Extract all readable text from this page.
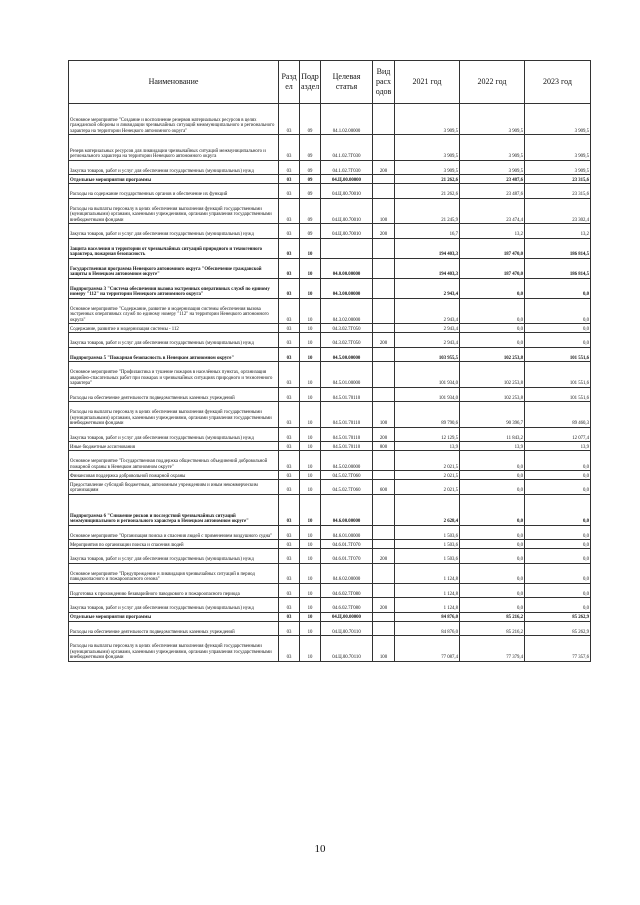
Наименование	Разд ел	Подр аздел	Целевая статья	Вид расх одов	2021 год	2022 год	2023 год
Основное мероприятие "Создание и восполнение резервов материальных ресурсов в целях гражданской обороны и ликвидации чрезвычайных ситуаций межмуниципального и регионального характера на территории Ненецкого автономного округа"	03	09	04.1.02.00000		3 909,5	3 909,5	3 909,5
Резерв материальных ресурсов для ликвидации чрезвычайных ситуаций межмуниципального и регионального характера на территории Ненецкого автономного округа	03	09	04.1.02.7Г030		3 909,5	3 909,5	3 909,5
Закупка товаров, работ и услуг для обеспечения государственных (муниципальных) нужд	03	09	04.1.02.7Г030	200	3 909,5	3 909,5	3 909,5
Отдельные мероприятия программы	03	09	04.Ц.00.00000		21 262,6	23 487,6	23 315,6
Расходы на содержание государственных органов и обеспечение их функций	03	09	04.Ц.00.70010		21 262,6	23 487,6	23 315,6
Расходы на выплаты персоналу в целях обеспечения выполнения функций государственными (муниципальными) органами, казенными учреждениями, органами управления государственными внебюджетными фондами	03	09	04.Ц.00.70010	100	21 245,9	23 474,4	23 302,4
Закупка товаров, работ и услуг для обеспечения государственных (муниципальных) нужд	03	09	04.Ц.00.70010	200	16,7	13,2	13,2
Защита населения и территории от чрезвычайных ситуаций природного и техногенного характера, пожарная безопасность	03	10			194 403,3	187 470,0	186 814,5
Государственная программа Ненецкого автономного округа "Обеспечение гражданской защиты в Ненецком автономном округе"	03	10	04.0.00.00000		194 403,3	187 470,0	186 814,5
Подпрограмма 3 "Система обеспечения вызова экстренных оперативных служб по единому номеру "112" на территории Ненецкого автономного округа"	03	10	04.3.00.00000		2 943,4	0,0	0,0
Основное мероприятие "Содержание, развитие и модернизация системы обеспечения вызова экстренных оперативных служб по единому номеру "112" на территории Ненецкого автономного округа"	03	10	04.3.02.00000		2 943,4	0,0	0,0
Содержание, развитие и модернизация системы - 112	03	10	04.3.02.7Г050		2 943,4	0,0	0,0
Закупка товаров, работ и услуг для обеспечения государственных (муниципальных) нужд	03	10	04.3.02.7Г050	200	2 943,4	0,0	0,0
Подпрограмма 5 "Пожарная безопасность в Ненецком автономном округе"	03	10	04.5.00.00000		103 955,5	102 253,8	101 551,6
Основное мероприятие "Профилактика и тушение пожаров в населённых пунктах, организация аварийно-спасательных работ при пожарах и чрезвычайных ситуациях природного и техногенного характера"	03	10	04.5.01.00000		101 934,0	102 253,8	101 551,6
Расходы на обеспечение деятельности подведомственных казенных учреждений	03	10	04.5.01.70110		101 934,0	102 253,8	101 551,6
Расходы на выплаты персоналу в целях обеспечения выполнения функций государственными (муниципальными) органами, казенными учреждениями, органами управления государственными внебюджетными фондами	03	10	04.5.01.70110	100	89 790,6	90 396,7	89 460,3
Закупка товаров, работ и услуг для обеспечения государственных (муниципальных) нужд	03	10	04.5.01.70110	200	12 129,5	11 843,2	12 077,4
Иные бюджетные ассигнования	03	10	04.5.01.70110	800	13,9	13,9	13,9
Основное мероприятие "Государственная поддержка общественных объединений добровольной пожарной охраны в Ненецком автономном округе"	03	10	04.5.02.00000		2 021,5	0,0	0,0
Финансовая поддержка добровольной пожарной охраны	03	10	04.5.02.7Г060		2 021,5	0,0	0,0
Предоставление субсидий бюджетным, автономным учреждениям и иным некоммерческим организациям	03	10	04.5.02.7Г060	600	2 021,5	0,0	0,0
Подпрограмма 6 "Снижение рисков и последствий чрезвычайных ситуаций межмуниципального и регионального характера в Ненецком автономном округе"	03	10	04.6.00.00000		2 628,4	0,0	0,0
Основное мероприятие "Организация поиска и спасения людей с применением воздушного судна"	03	10	04.6.01.00000		1 503,6	0,0	0,0
Мероприятия по организации поиска и спасения людей	03	10	04.6.01.7Г070		1 503,6	0,0	0,0
Закупка товаров, работ и услуг для обеспечения государственных (муниципальных) нужд	03	10	04.6.01.7Г070	200	1 503,6	0,0	0,0
Основное мероприятие "Предупреждение и ликвидация чрезвычайных ситуаций в период паводкоопасного и пожароопасного сезона"	03	10	04.6.02.00000		1 124,8	0,0	0,0
Подготовка к прохождению безаварийного паводкового и пожароопасного периода	03	10	04.6.02.7Г080		1 124,8	0,0	0,0
Закупка товаров, работ и услуг для обеспечения государственных (муниципальных) нужд	03	10	04.6.02.7Г080	200	1 124,8	0,0	0,0
Отдельные мероприятия программы	03	10	04.Ц.00.00000		84 876,0	85 216,2	85 262,9
Расходы на обеспечение деятельности подведомственных казенных учреждений	03	10	04.Ц.00.70110		84 876,0	85 216,2	85 262,9
Расходы на выплаты персоналу в целях обеспечения выполнения функций государственными (муниципальными) органами, казенными учреждениями, органами управления государственными внебюджетными фондами	03	10	04.Ц.00.70110	100	77 087,4	77 379,4	77 357,6
10
